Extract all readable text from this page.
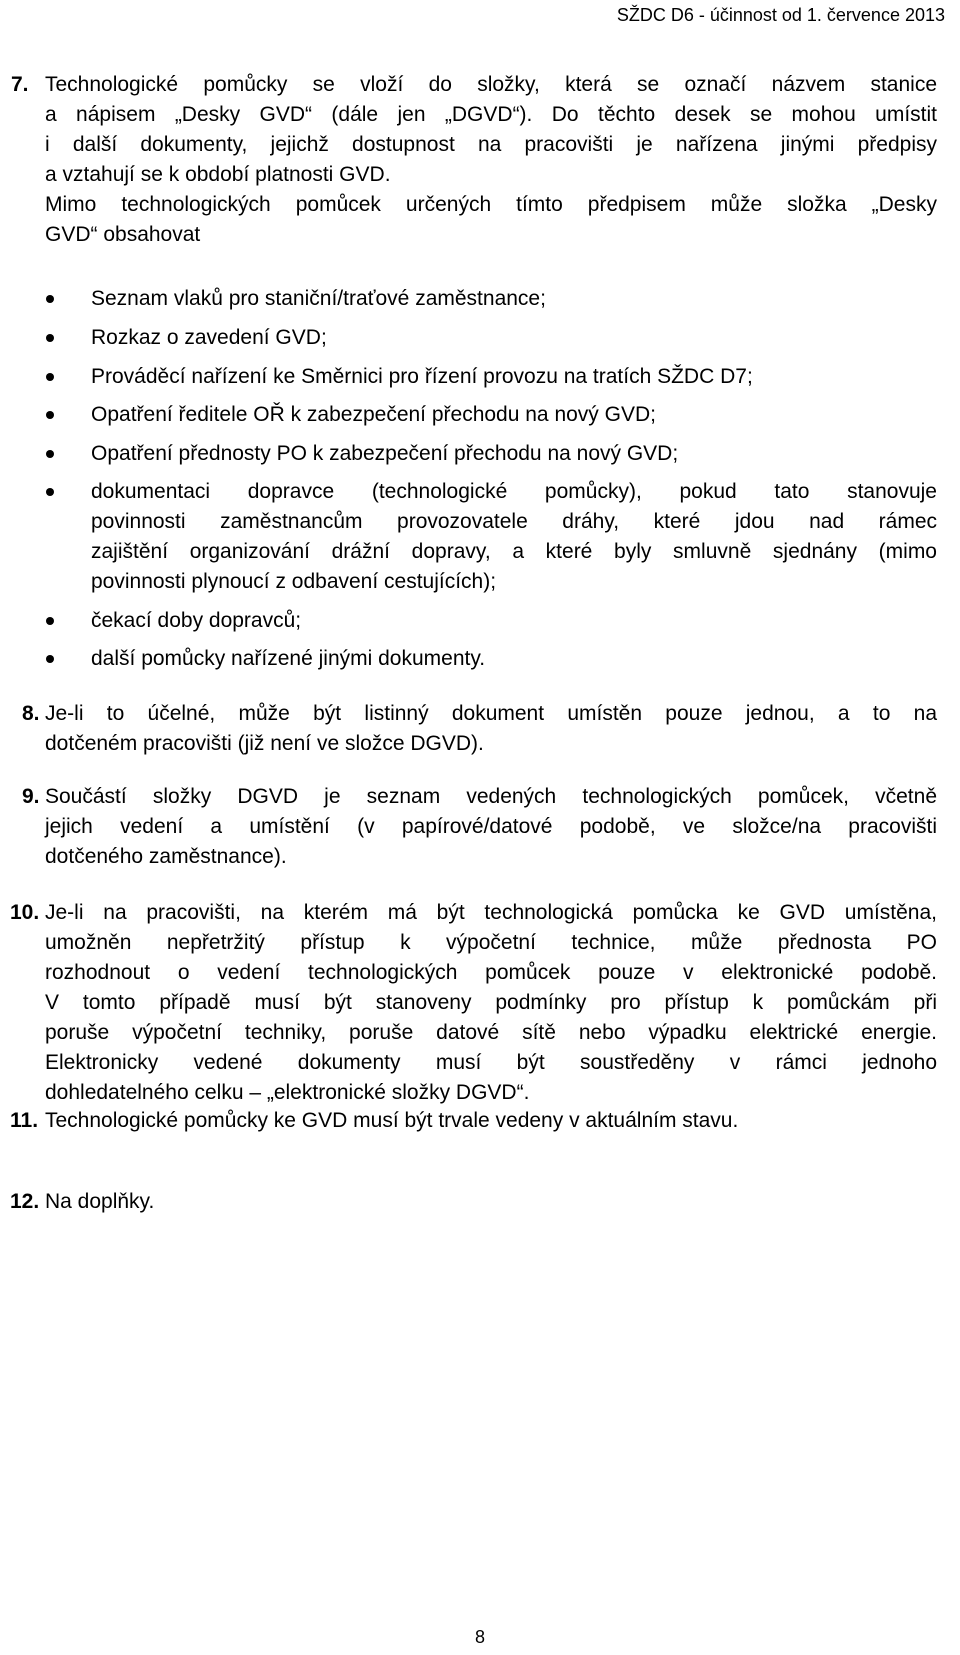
SŽDC D6 - účinnost od 1. července 2013
7. Technologické pomůcky se vloží do složky, která se označí názvem stanice
a nápisem „Desky GVD“ (dále jen „DGVD“). Do těchto desek se mohou umístit
i další dokumenty, jejichž dostupnost na pracovišti je nařízena jinými předpisy
a vztahují se k období platnosti GVD.
Mimo technologických pomůcek určených tímto předpisem může složka „Desky
GVD“ obsahovat
Seznam vlaků pro staniční/traťové zaměstnance;
Rozkaz o zavedení GVD;
Prováděcí nařízení ke Směrnici pro řízení provozu na tratích SŽDC D7;
Opatření ředitele OŘ k zabezpečení přechodu na nový GVD;
Opatření přednosty PO k zabezpečení přechodu na nový GVD;
dokumentaci dopravce (technologické pomůcky), pokud tato stanovuje
povinnosti zaměstnancům provozovatele dráhy, které jdou nad rámec
zajištění organizování drážní dopravy, a které byly smluvně sjednány (mimo
povinnosti plynoucí z odbavení cestujících);
čekací doby dopravců;
další pomůcky nařízené jinými dokumenty.
8. Je-li to účelné, může být listinný dokument umístěn pouze jednou, a to na
dotčeném pracovišti (již není ve složce DGVD).
9. Součástí složky DGVD je seznam vedených technologických pomůcek, včetně
jejich vedení a umístění (v papírové/datové podobě, ve složce/na pracovišti
dotčeného zaměstnance).
10. Je-li na pracovišti, na kterém má být technologická pomůcka ke GVD umístěna,
umožněn nepřetržitý přístup k výpočetní technice, může přednosta PO
rozhodnout o vedení technologických pomůcek pouze v elektronické podobě.
V tomto případě musí být stanoveny podmínky pro přístup k pomůckám při
poruše výpočetní techniky, poruše datové sítě nebo výpadku elektrické energie.
Elektronicky vedené dokumenty musí být soustředěny v rámci jednoho
dohledatelného celku – „elektronické složky DGVD“.
11. Technologické pomůcky ke GVD musí být trvale vedeny v aktuálním stavu.
12. Na doplňky.
8
